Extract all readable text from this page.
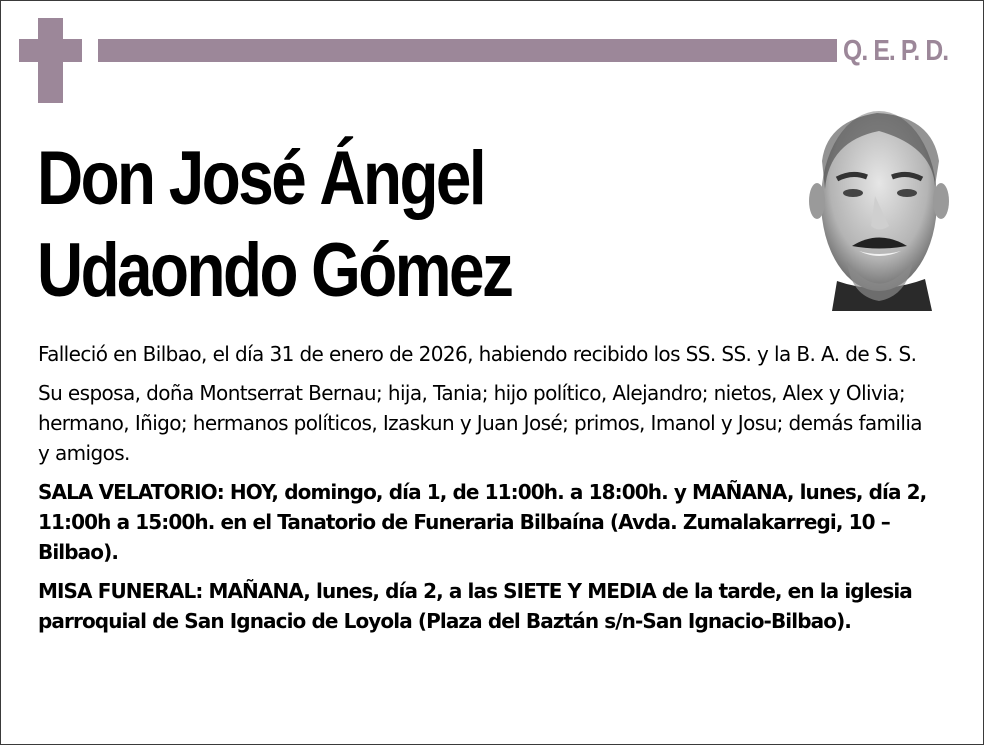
Q. E. P. D.
Don José Ángel
Udaondo Gómez

Falleció en Bilbao, el día 31 de enero de 2026, habiendo recibido los SS. SS. y la B. A. de S. S.

Su esposa, doña Montserrat Bernau; hija, Tania; hijo político, Alejandro; nietos, Alex y Olivia; hermano, Iñigo; hermanos políticos, Izaskun y Juan José; primos, Imanol y Josu; demás familia y amigos.

SALA VELATORIO: HOY, domingo, día 1, de 11:00h. a 18:00h. y MAÑANA, lunes, día 2, 11:00h a 15:00h. en el Tanatorio de Funeraria Bilbaína (Avda. Zumalakarregi, 10 – Bilbao).

MISA FUNERAL: MAÑANA, lunes, día 2, a las SIETE Y MEDIA de la tarde, en la iglesia parroquial de San Ignacio de Loyola (Plaza del Baztán s/n-San Ignacio-Bilbao).
